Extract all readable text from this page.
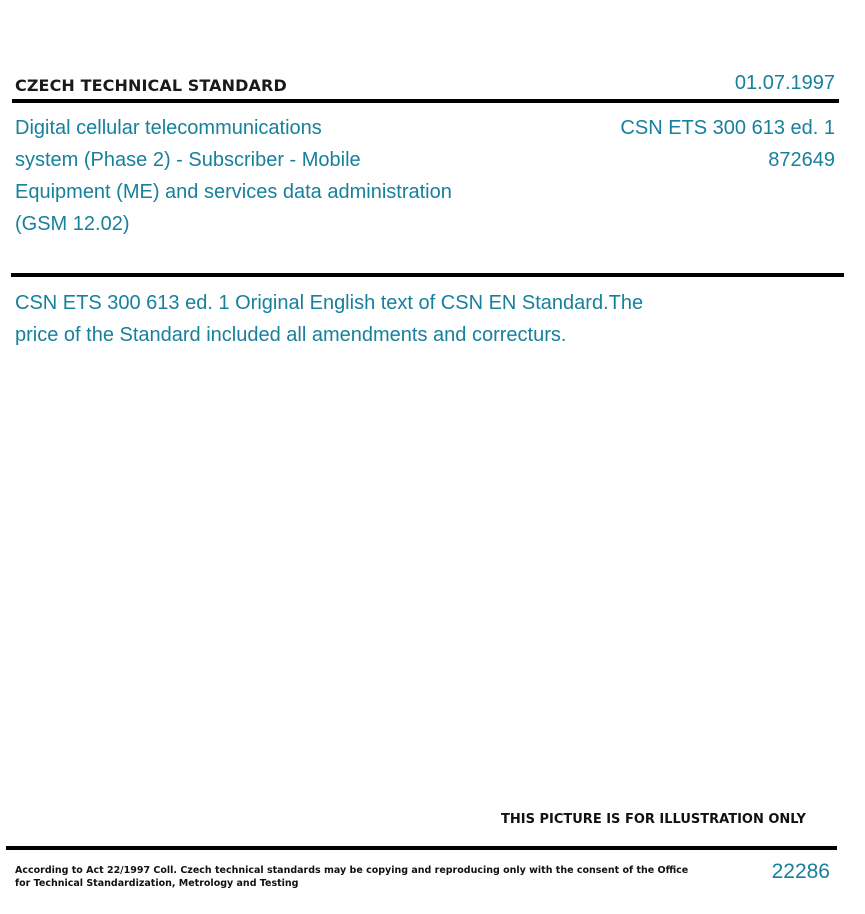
CZECH TECHNICAL STANDARD	01.07.1997
Digital cellular telecommunications
system (Phase 2) - Subscriber - Mobile
Equipment (ME) and services data administration
(GSM 12.02)
CSN ETS 300 613 ed. 1
872649
CSN ETS 300 613 ed. 1 Original English text of CSN EN Standard.The
price of the Standard included all amendments and correcturs.
THIS PICTURE IS FOR ILLUSTRATION ONLY
According to Act 22/1997 Coll. Czech technical standards may be copying and reproducing only with the consent of the Office
for Technical Standardization, Metrology and Testing
22286
